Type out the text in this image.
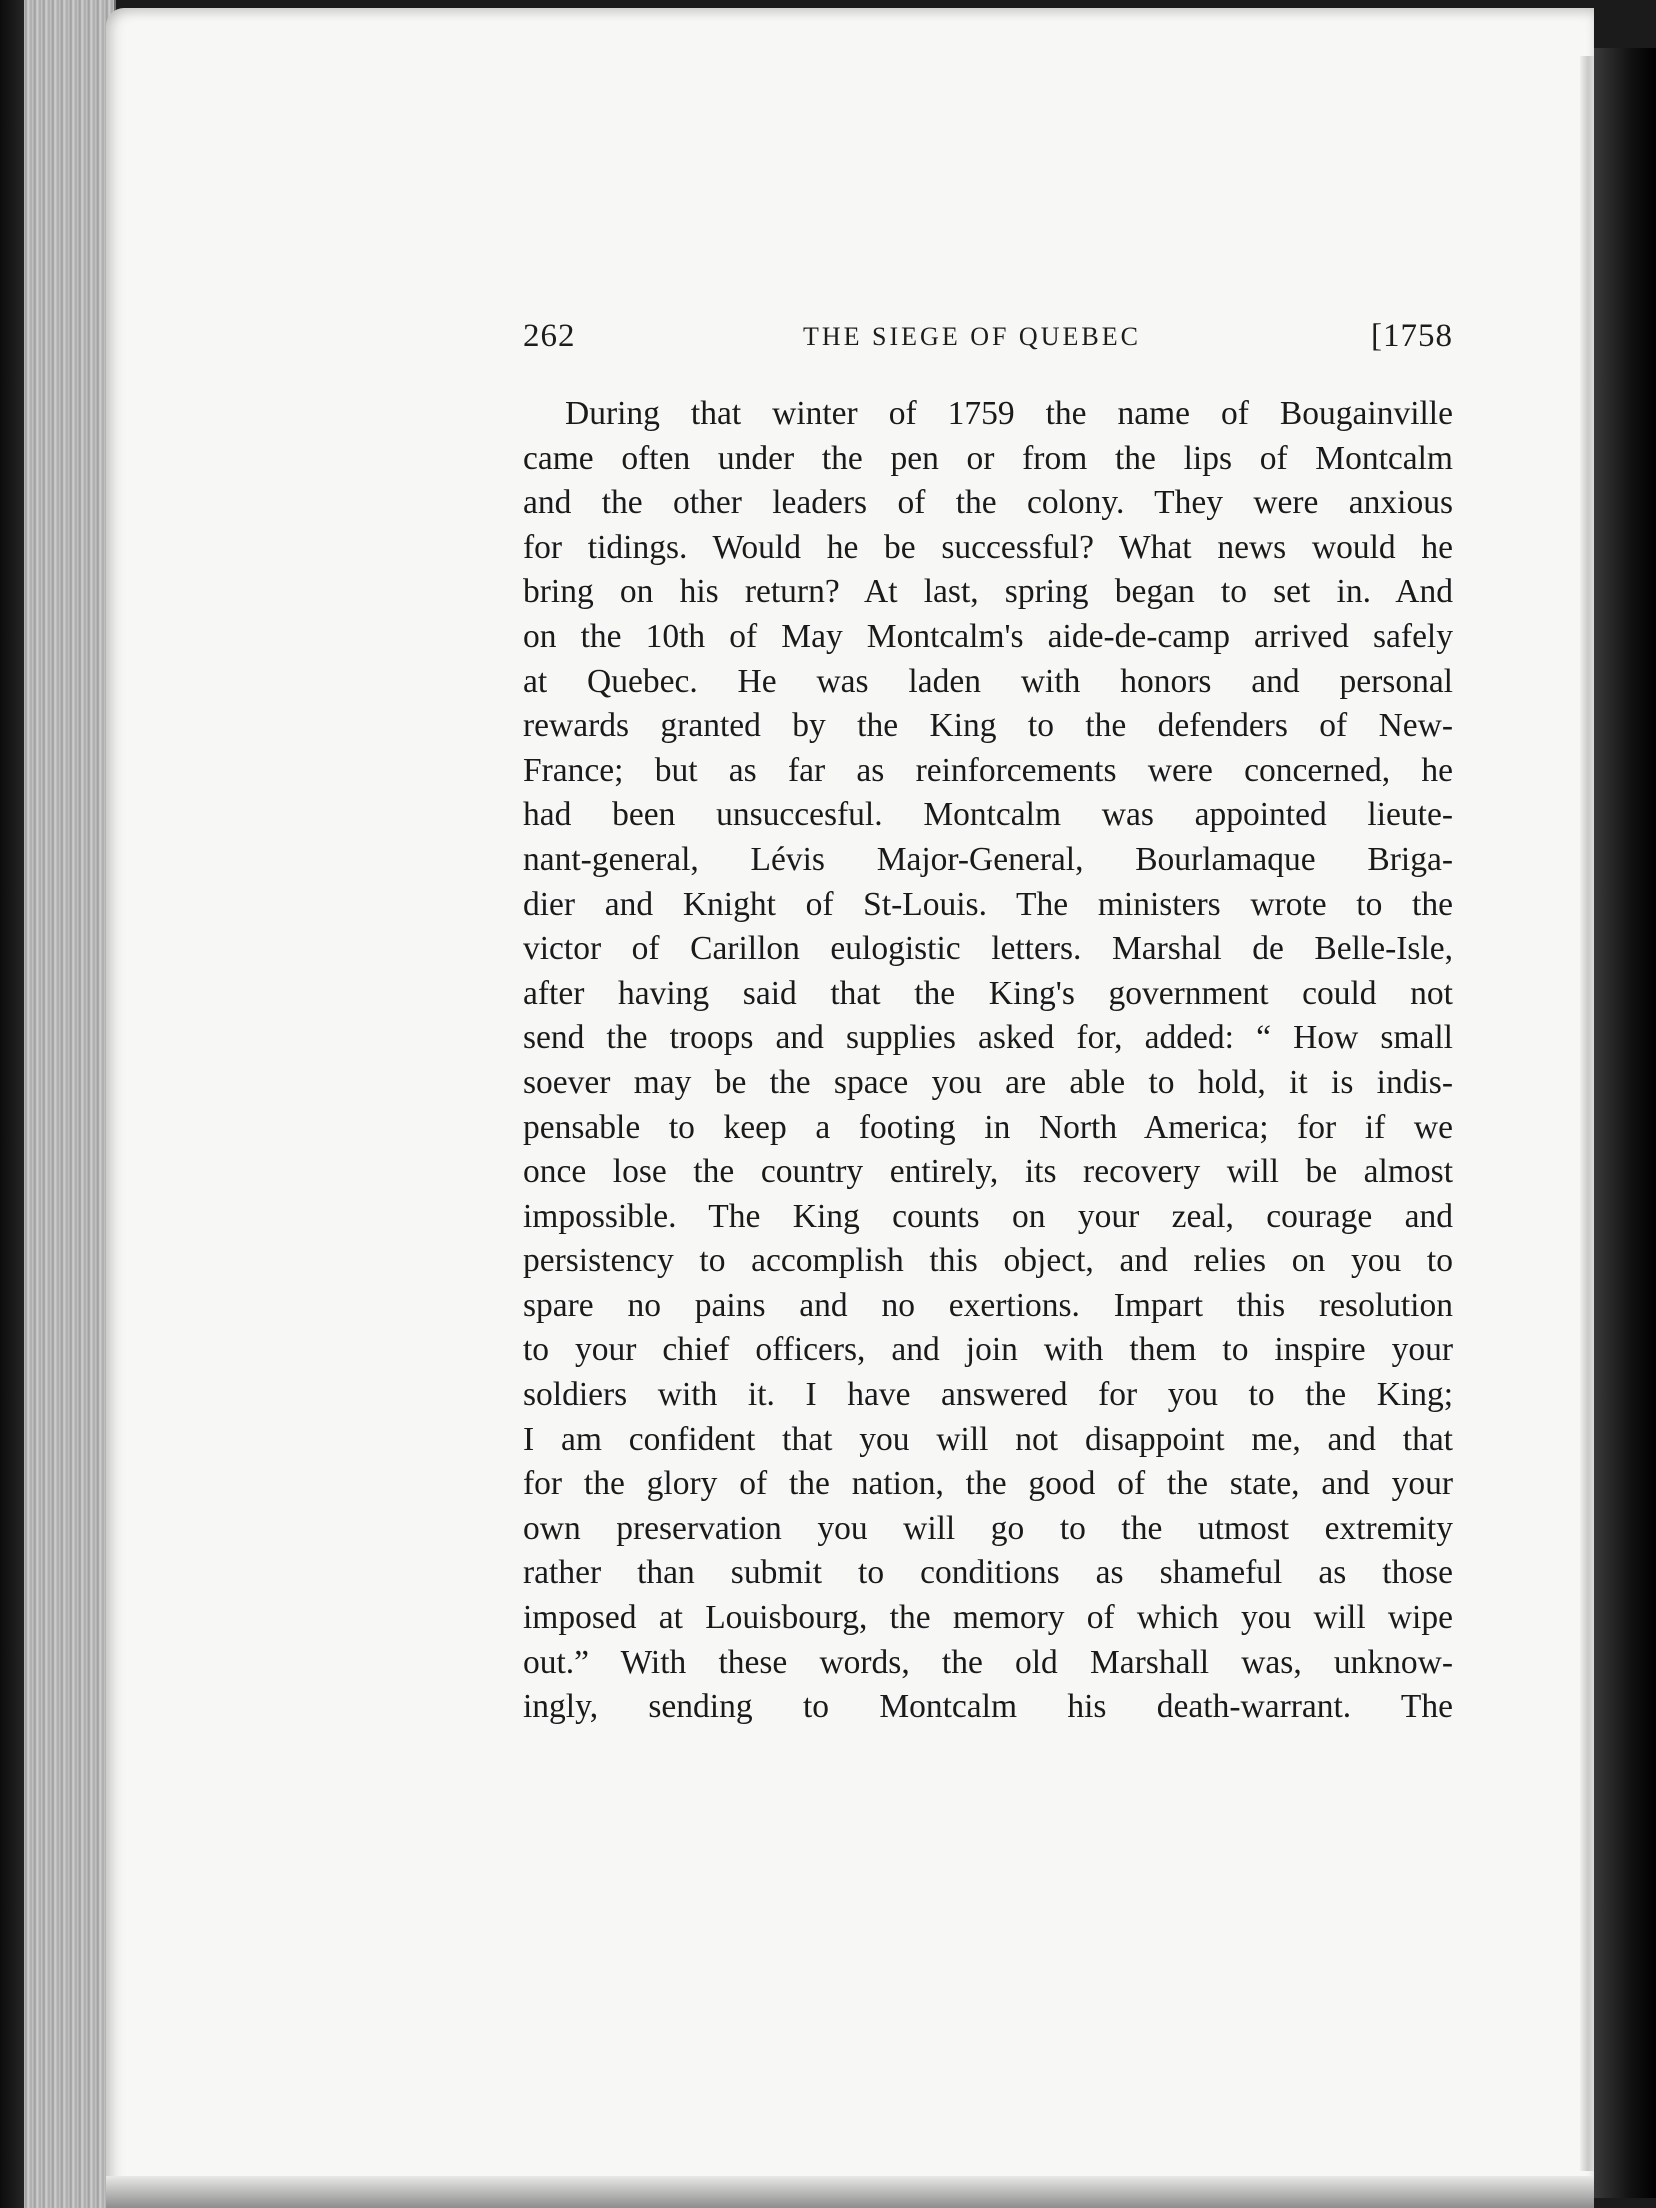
262	THE SIEGE OF QUEBEC	[1758
During that winter of 1759 the name of Bougainville
came often under the pen or from the lips of Montcalm
and the other leaders of the colony. They were anxious
for tidings. Would he be successful? What news would he
bring on his return? At last, spring began to set in. And
on the 10th of May Montcalm's aide-de-camp arrived safely
at Quebec. He was laden with honors and personal
rewards granted by the King to the defenders of New-
France; but as far as reinforcements were concerned, he
had been unsuccesful. Montcalm was appointed lieute-
nant-general, Lévis Major-General, Bourlamaque Briga-
dier and Knight of St-Louis. The ministers wrote to the
victor of Carillon eulogistic letters. Marshal de Belle-Isle,
after having said that the King's government could not
send the troops and supplies asked for, added: “ How small
soever may be the space you are able to hold, it is indis-
pensable to keep a footing in North America; for if we
once lose the country entirely, its recovery will be almost
impossible. The King counts on your zeal, courage and
persistency to accomplish this object, and relies on you to
spare no pains and no exertions. Impart this resolution
to your chief officers, and join with them to inspire your
soldiers with it. I have answered for you to the King;
I am confident that you will not disappoint me, and that
for the glory of the nation, the good of the state, and your
own preservation you will go to the utmost extremity
rather than submit to conditions as shameful as those
imposed at Louisbourg, the memory of which you will wipe
out.” With these words, the old Marshall was, unknow-
ingly, sending to Montcalm his death-warrant. The
